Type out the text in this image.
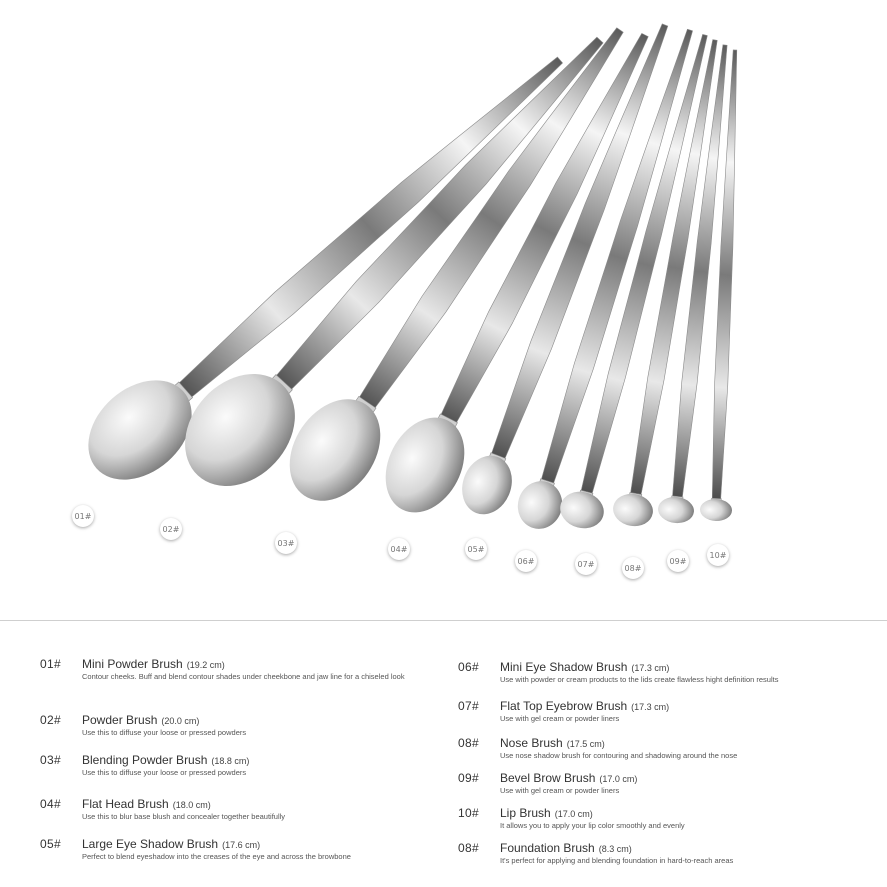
01#
02#
03#
04#	05#
06#	07#	08#
09#
10#
01# Mini Powder Brush (19.2 cm)
Contour cheeks. Buff and blend contour shades under cheekbone and jaw line for a chiseled look
02# Powder Brush (20.0 cm)
Use this to diffuse your loose or pressed powders
03# Blending Powder Brush (18.8 cm)
Use this to diffuse your loose or pressed powders
04# Flat Head Brush (18.0 cm)
Use this to blur base blush and concealer together beautifully
05# Large Eye Shadow Brush (17.6 cm)
Perfect to blend eyeshadow into the creases of the eye and across the browbone
06# Mini Eye Shadow Brush (17.3 cm)
Use with powder or cream products to the lids create flawless hight definition results
07# Flat Top Eyebrow Brush (17.3 cm)
Use with gel cream or powder liners
08# Nose Brush (17.5 cm)
Use nose shadow brush for contouring and shadowing around the nose
09# Bevel Brow Brush (17.0 cm)
Use with gel cream or powder liners
10# Lip Brush (17.0 cm)
It allows you to apply your lip color smoothly and evenly
08# Foundation Brush (8.3 cm)
It's perfect for applying and blending foundation in hard-to-reach areas
